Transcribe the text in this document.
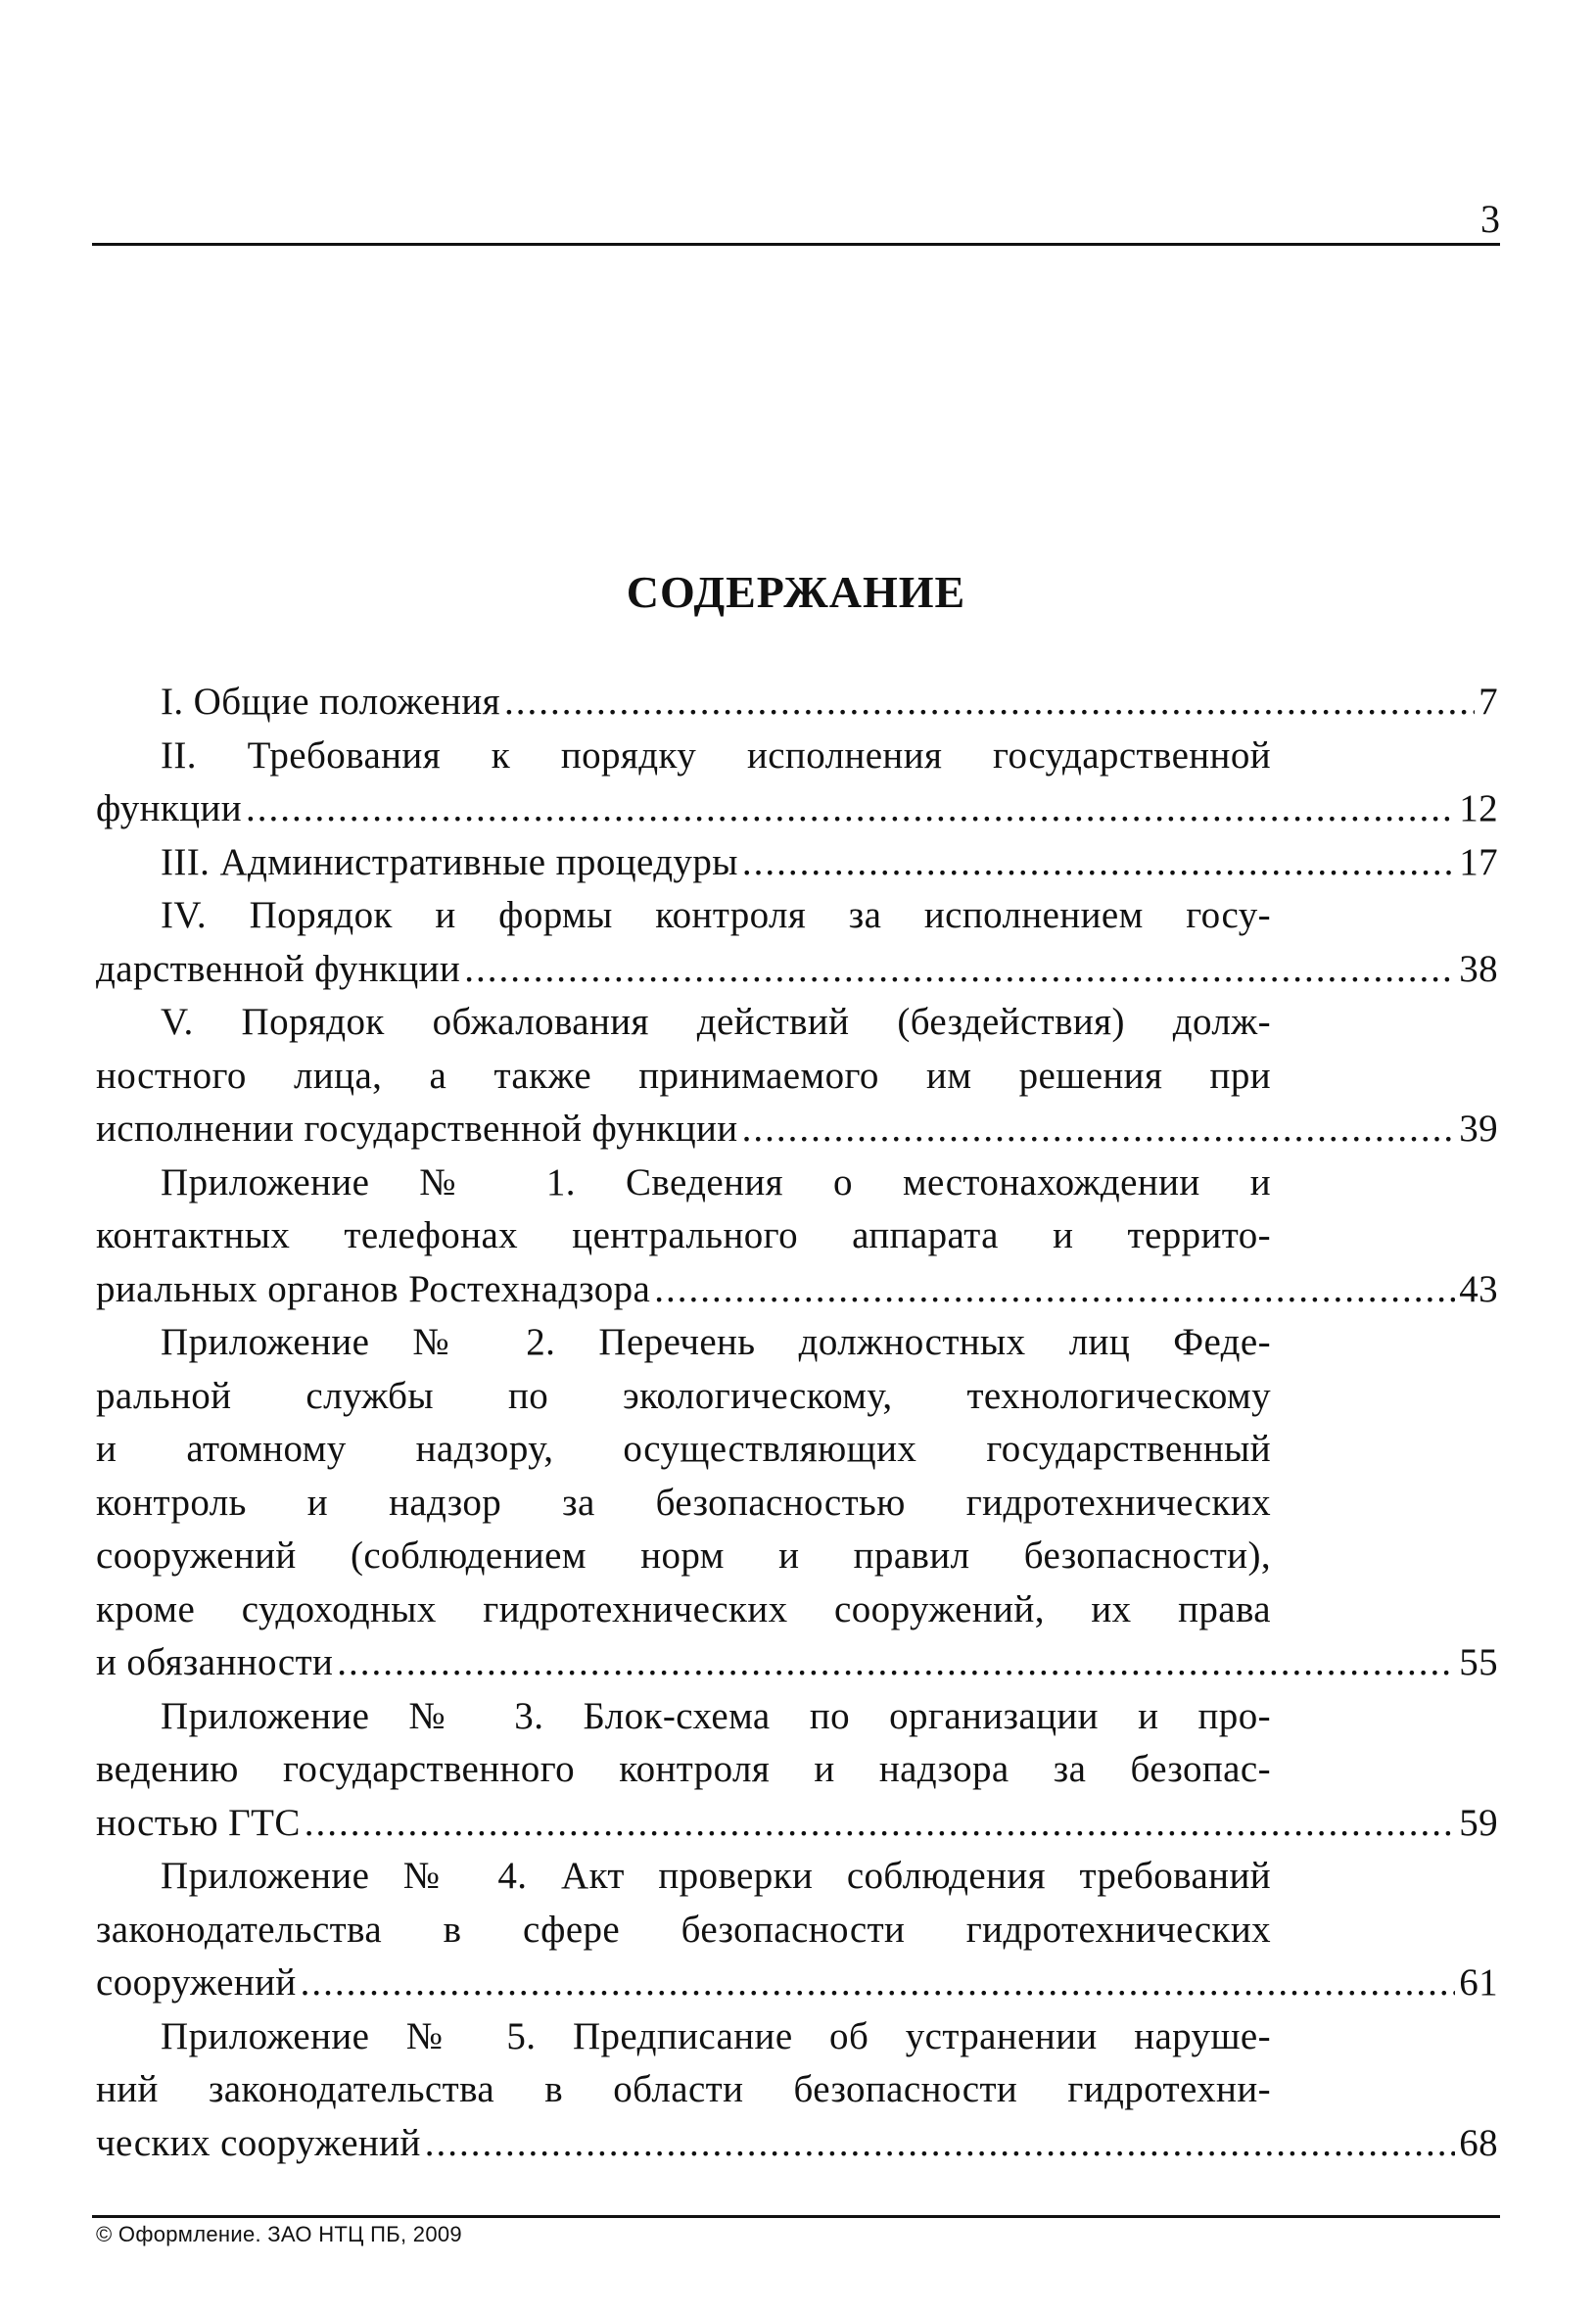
3
СОДЕРЖАНИЕ
I. Общие положения .....	7
II. Требования к порядку исполнения государственной
функции .....	12
III. Административные процедуры .....	17
IV. Порядок и формы контроля за исполнением госу-
дарственной функции .....	38
V. Порядок обжалования действий (бездействия) долж-
ностного лица, а также принимаемого им решения при
исполнении государственной функции .....	39
Приложение № 1. Сведения о местонахождении и
контактных телефонах центрального аппарата и террито-
риальных органов Ростехнадзора .....	43
Приложение № 2. Перечень должностных лиц Феде-
ральной службы по экологическому, технологическому
и атомному надзору, осуществляющих государственный
контроль и надзор за безопасностью гидротехнических
сооружений (соблюдением норм и правил безопасности),
кроме судоходных гидротехнических сооружений, их права
и обязанности .....	55
Приложение № 3. Блок-схема по организации и про-
ведению государственного контроля и надзора за безопас-
ностью ГТС .....	59
Приложение № 4. Акт проверки соблюдения требований
законодательства в сфере безопасности гидротехнических
сооружений .....	61
Приложение № 5. Предписание об устранении наруше-
ний законодательства в области безопасности гидротехни-
ческих сооружений .....	68
© Оформление. ЗАО НТЦ ПБ, 2009
